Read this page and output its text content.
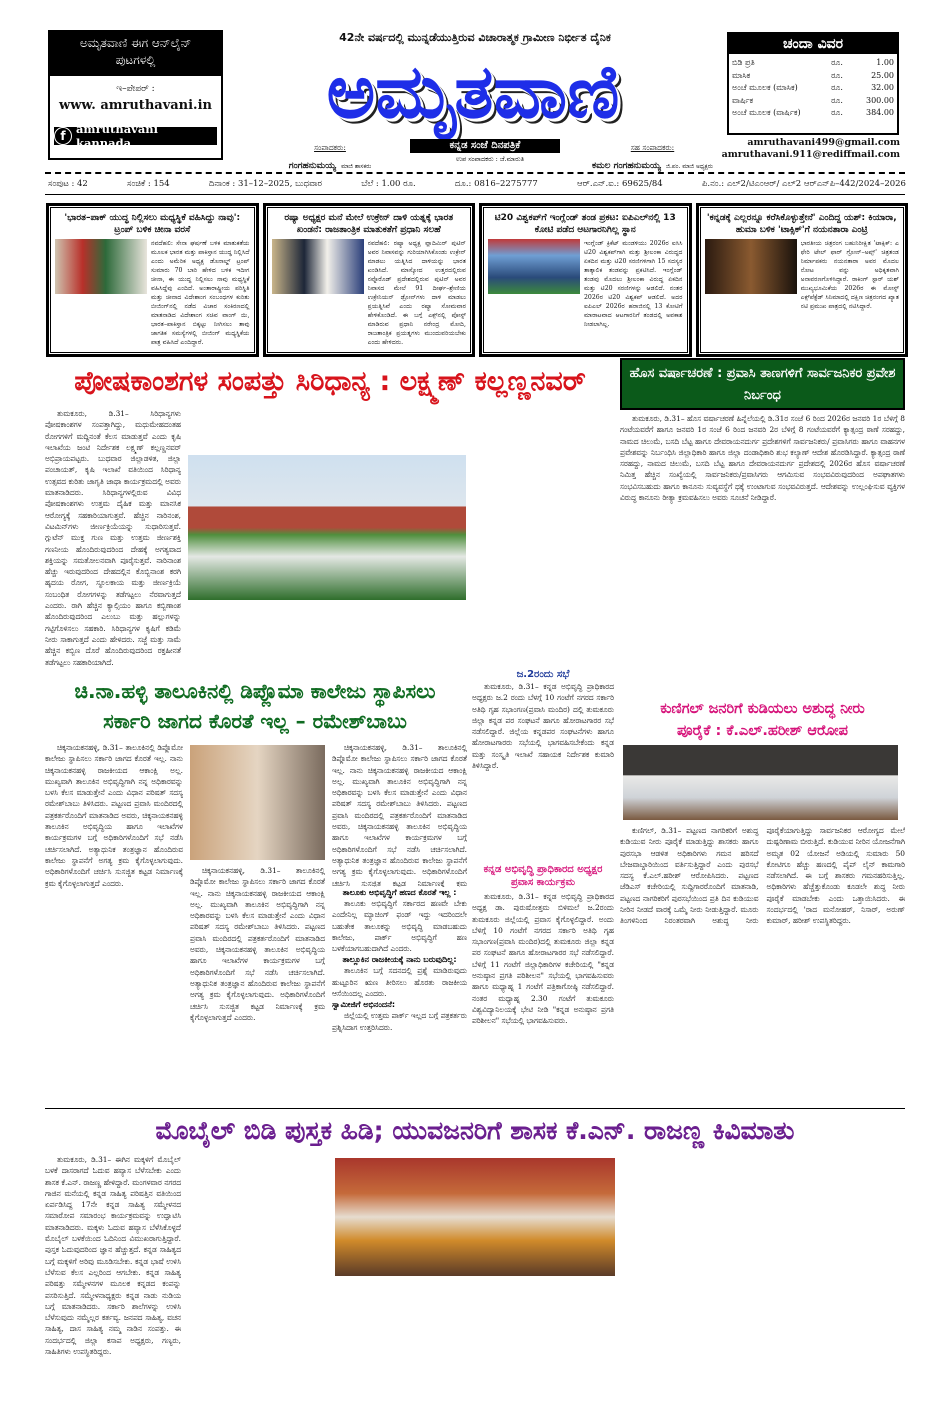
ಅಮೃತವಾಣಿ ಈಗ ಆನ್‌ಲೈನ್ ಪುಟಗಳಲ್ಲಿ
ಇ–ಪೇಪರ್ :
www. amruthavani.in
f amruthavani kannada
42ನೇ ವರ್ಷದಲ್ಲಿ ಮುನ್ನಡೆಯುತ್ತಿರುವ ವಿಚಾರಾತ್ಮಕ ಗ್ರಾಮೀಣ ನಿರ್ಭೀತ ದೈನಿಕ
ಅಮೃತವಾಣಿ
ಕನ್ನಡ ಸಂಜೆ ದಿನಪತ್ರಿಕೆ
ಉಪ ಸಂಪಾದಕರು : ಜೆ.ಮಾರುತಿ
ಸಂಪಾದಕರು:
ಗಂಗಹನುಮಯ್ಯ ಮಾಜಿ ಶಾಸಕರು
ಸಹ ಸಂಪಾದಕರು:
ಕಮಲ ಗಂಗಹನುಮಯ್ಯ ಜಿ.ಪಂ. ಮಾಜಿ ಅಧ್ಯಕ್ಷರು
ಚಂದಾ ವಿವರ
ಬಿಡಿ ಪ್ರತಿ	ರೂ.	1.00
ಮಾಸಿಕ	ರೂ.	25.00
ಅಂಚೆ ಮೂಲಕ (ಮಾಸಿಕ)	ರೂ.	32.00
ವಾರ್ಷಿಕ	ರೂ.	300.00
ಅಂಚೆ ಮೂಲಕ (ವಾರ್ಷಿಕ)	ರೂ.	384.00
amruthavani499@gmail.com
amruthavani.911@rediffmail.com
ಸಂಪುಟ : 42	ಸಂಚಿಕೆ : 154	ದಿನಾಂಕ : 31–12–2025, ಬುಧವಾರ	ಬೆಲೆ : 1.00 ರೂ.	ದೂ.: 0816–2275777	ಆರ್.ಎನ್.ಐ.: 69625/84	ಪಿ.ನಂ.: ಎಲ್2/ಟಿಎಂಆರ್/ ಎಲ್2 ಆರ್‌ಎನ್‌ಪಿ–442/2024–2026
'ಭಾರತ–ಪಾಕ್ ಯುದ್ಧ ನಿಲ್ಲಿಸಲು ಮಧ್ಯಸ್ಥಿಕೆ ವಹಿಸಿದ್ದು ನಾವು': ಟ್ರಂಪ್ ಬಳಿಕ ಚೀನಾ ವರಸೆ
ನವದೆಹಲಿ: ಸೇನಾ ಘರ್ಷಣೆ ಬಳಿಕ ಮಾತುಕತೆಯ ಮೂಲಕ ಭಾರತ ಮತ್ತು ಪಾಕಿಸ್ತಾನ ಯುದ್ಧ ನಿಲ್ಲಿಸಿದೆ ಎಂದು ಅಮೆರಿಕ ಅಧ್ಯಕ್ಷ ಡೊನಾಲ್ಡ್ ಟ್ರಂಪ್ ಸುಮಾರು 70 ಬಾರಿ ಹೇಳಿದ ಬಳಿಕ ಇದೀಗ ಚೀನಾ, ಈ ಯುದ್ಧ ನಿಲ್ಲಿಸಲು ನಾವು ಮಧ್ಯಸ್ಥಿಕೆ ವಹಿಸಿದ್ದೆವು ಎಂದಿದೆ. ಅಂತಾರಾಷ್ಟ್ರೀಯ ಪರಿಸ್ಥಿತಿ ಮತ್ತು ಚೀನಾದ ವಿದೇಶಾಂಗ ಸಂಬಂಧಗಳ ಕುರಿತು ಬೀಜಿಂಗ್‌ನಲ್ಲಿ ನಡೆದ ವಿಚಾರ ಸಂಕಿರಣದಲ್ಲಿ ಮಾತನಾಡಿದ ವಿದೇಶಾಂಗ ಸಚಿವ ವಾಂಗ್ ಯಿ, ಭಾರತ–ಪಾಕಿಸ್ತಾನ ಬಿಕ್ಕಟ್ಟು ನೀಗಿಸಲು ತಾವು ಜಾಗತಿಕ ಸಮಸ್ಯೆಗಳಲ್ಲಿ ಬೀಜಿಂಗ್ ಮಧ್ಯಸ್ಥಿಕೆಯ ಪಾತ್ರ ವಹಿಸಿದೆ ಎಂದಿದ್ದಾರೆ.
ರಷ್ಯಾ ಅಧ್ಯಕ್ಷರ ಮನೆ ಮೇಲೆ ಉಕ್ರೇನ್ ದಾಳಿ ಯತ್ನಕ್ಕೆ ಭಾರತ ಖಂಡನೆ: ರಾಜತಾಂತ್ರಿಕ ಮಾತುಕತೆಗೆ ಪ್ರಧಾನಿ ಸಲಹೆ
ನವದೆಹಲಿ: ರಷ್ಯಾ ಅಧ್ಯಕ್ಷ ವ್ಲಾದಿಮಿರ್ ಪುಟಿನ್ ಅವರ ನಿವಾಸವನ್ನು ಗುರಿಯಾಗಿಸಿಕೊಂಡು ಉಕ್ರೇನ್ ಮಾಡಲು ಯತ್ನಿಸಿದ ದಾಳಿಯನ್ನು ಭಾರತ ಖಂಡಿಸಿದೆ. ಮಾಸ್ಕೋದ ಉತ್ತರದಲ್ಲಿರುವ ನವ್ಗೊರೊಡ್ ಪ್ರದೇಶದಲ್ಲಿರುವ ಪುಟಿನ್ ಅವರ ನಿವಾಸದ ಮೇಲೆ 91 ದೀರ್ಘ–ಶ್ರೇಣಿಯ ಉಕ್ರೇನಿಯನ್ ಡ್ರೋನ್‌ಗಳು ದಾಳಿ ಮಾಡಲು ಪ್ರಯತ್ನಿಸಿವೆ ಎಂದು ರಷ್ಯಾ ಸೋಮವಾರ ಹೇಳಿಕೊಂಡಿದೆ. ಈ ಬಗ್ಗೆ ಎಕ್ಸ್‌ನಲ್ಲಿ ಪೋಸ್ಟ್ ಮಾಡಿರುವ ಪ್ರಧಾನಿ ನರೇಂದ್ರ ಮೋದಿ, ರಾಜತಾಂತ್ರಿಕ ಪ್ರಯತ್ನಗಳು ಮುಂದುವರಿಯಬೇಕು ಎಂದು ಹೇಳಿದರು.
ಟಿ20 ವಿಶ್ವಕಪ್‌ಗೆ ಇಂಗ್ಲೆಂಡ್ ತಂಡ ಪ್ರಕಟ: ಐಪಿಎಲ್‌ನಲ್ಲಿ 13 ಕೋಟಿ ಪಡೆದ ಆಟಗಾರನಿಗಿಲ್ಲ ಸ್ಥಾನ
ಇಂಗ್ಲೆಂಡ್ ಕ್ರಿಕೆಟ್ ಮಂಡಳಿಯು 2026ರ ಐಸಿಸಿ ಟಿ20 ವಿಶ್ವಕಪ್‌ಗಾಗಿ ಮತ್ತು ಶ್ರೀಲಂಕಾ ವಿರುದ್ಧದ ಏಕದಿನ ಮತ್ತು ಟಿ20 ಸರಣಿಗಳಿಗಾಗಿ 15 ಸದಸ್ಯರ ತಾತ್ಕಾಲಿಕ ತಂಡವನ್ನು ಪ್ರಕಟಿಸಿದೆ. ಇಂಗ್ಲೆಂಡ್ ತಂಡವು ಮೊದಲು ಶ್ರೀಲಂಕಾ ವಿರುದ್ಧ ಏಕದಿನ ಮತ್ತು ಟಿ20 ಸರಣಿಗಳನ್ನು ಆಡಲಿದೆ. ನಂತರ 2026ರ ಟಿ20 ವಿಶ್ವಕಪ್ ಆಡಲಿದೆ. ಅದರ ಐಪಿಎಲ್ 2026ರ ಹರಾಜಿನಲ್ಲಿ 13 ಕೋಟಿಗೆ ಮಾರಾಟವಾದ ಆಟಗಾರನಿಗೆ ತಂಡದಲ್ಲಿ ಅವಕಾಶ ನೀಡಲಾಗಿಲ್ಲ.
'ಕನ್ನಡಕ್ಕೆ ಎಲ್ಲರನ್ನೂ ಕರೆಸಿಕೊಳ್ಳುತ್ತೇನೆ' ಎಂದಿದ್ದ ಯಶ್: ಕಿಯಾರಾ, ಹುಮಾ ಬಳಿಕ 'ಟಾಕ್ಸಿಕ್'ಗೆ ನಯನತಾರಾ ಎಂಟ್ರಿ
ಭಾರತೀಯ ಚಿತ್ರರಂಗ ಬಹುನಿರೀಕ್ಷಿತ 'ಟಾಕ್ಸಿಕ್: ಎ ಫೇರಿ ಟೇಲ್ ಫಾರ್ ಗ್ರೋನ್–ಅಪ್ಸ್' ಚಿತ್ರತಂಡ ನಿರ್ಮಾಪಕರು ನಯನತಾರಾ ಅವರ ಮೊದಲ ನೋಟ ವನ್ನು ಅಧಿಕೃತವಾಗಿ ಅನಾವರಣಗೊಳಿಸಿದ್ದಾರೆ. ರಾಕಿಂಗ್ ಸ್ಟಾರ್ ಯಶ್ ಮುಖ್ಯಭೂಮಿಕೆಯ 2026ರ ಈ ಮೋಸ್ಟ್ ಎಕ್ಸ್‌ಪೆಕ್ಟೆಡ್ ಸಿನಿಮಾದಲ್ಲಿ ದಕ್ಷಿಣ ಚಿತ್ರರಂಗದ ಖ್ಯಾತ ನಟಿ ಪ್ರಮುಖ ಪಾತ್ರದಲ್ಲಿ ನಟಿಸಿದ್ದಾರೆ.
ಪೋಷಕಾಂಶಗಳ ಸಂಪತ್ತು ಸಿರಿಧಾನ್ಯ : ಲಕ್ಷ್ಮಣ್ ಕಲ್ಲಣ್ಣನವರ್
ತುಮಕೂರು, ಡಿ.31– ಸಿರಿಧಾನ್ಯಗಳು ಪೋಷಕಾಂಶಗಳ ಸಂಪತ್ತಾಗಿದ್ದು, ಮಧುಮೇಹದಂತಹ ರೋಗಗಳಿಗೆ ಮದ್ದಿನಂತೆ ಕೆಲಸ ಮಾಡುತ್ತವೆ ಎಂದು ಕೃಷಿ ಇಲಾಖೆಯ ಜಂಟಿ ನಿರ್ದೇಶಕ ಲಕ್ಷ್ಮಣ್ ಕಲ್ಲಣ್ಣನವರ್ ಅಭಿಪ್ರಾಯಪಟ್ಟರು. ಬುಧವಾರ ಜಿಲ್ಲಾಡಳಿತ, ಜಿಲ್ಲಾ ಪಂಚಾಯತ್, ಕೃಷಿ ಇಲಾಖೆ ವತಿಯಿಂದ ಸಿರಿಧಾನ್ಯ ಉತ್ಸವದ ಕುರಿತು ಜಾಗೃತಿ ಜಾಥಾ ಕಾರ್ಯಕ್ರಮದಲ್ಲಿ ಅವರು ಮಾತನಾಡಿದರು. ಸಿರಿಧಾನ್ಯಗಳಲ್ಲಿರುವ ವಿವಿಧ ಪೋಷಕಾಂಶಗಳು ಉತ್ತಮ ದೈಹಿಕ ಮತ್ತು ಮಾನಸಿಕ ಆರೋಗ್ಯಕ್ಕೆ ಸಹಕಾರಿಯಾಗುತ್ತವೆ. ಹೆಚ್ಚಿನ ನಾರಿನಂಶ, ವಿಟಮಿನ್‌ಗಳು ಜೀರ್ಣಕ್ರಿಯೆಯನ್ನು ಸುಧಾರಿಸುತ್ತವೆ. ಗ್ಲುಟೆನ್ ಮುಕ್ತ ಗುಣ ಮತ್ತು ಉತ್ತಮ ಜೀರ್ಣಶಕ್ತಿ ಗಣನೀಯ ಹೊಂದಿರುವುದರಿಂದ ದೇಹಕ್ಕೆ ಅಗತ್ಯವಾದ ಶಕ್ತಿಯನ್ನು ಸಮತೋಲನವಾಗಿ ಪೂರೈಸುತ್ತವೆ. ನಾರಿನಾಂಶ ಹೆಚ್ಚು ಇರುವುದರಿಂದ ದೇಹದಲ್ಲಿನ ಕೊಬ್ಬಿನಾಂಶ ಕರಗಿ ಹೃದಯ ರೋಗ, ಸ್ಥೂಲಕಾಯ ಮತ್ತು ಜೀರ್ಣಕ್ರಿಯೆ ಸಂಬಂಧಿತ ರೋಗಗಳನ್ನು ತಡೆಗಟ್ಟಲು ನೆರವಾಗುತ್ತದೆ ಎಂದರು. ರಾಗಿ ಹೆಚ್ಚಿನ ಕ್ಯಾಲ್ಸಿಯಂ ಹಾಗೂ ಕಬ್ಬಿಣಾಂಶ ಹೊಂದಿರುವುದರಿಂದ ಎಲುಬು ಮತ್ತು ಹಲ್ಲುಗಳನ್ನು ಗಟ್ಟಿಗೊಳಿಸಲು ಸಹಕಾರಿ. ಸಿರಿಧಾನ್ಯಗಳ ಕೃಷಿಗೆ ಕಡಿಮೆ ನೀರು ಸಾಕಾಗುತ್ತದೆ ಎಂದು ಹೇಳಿದರು. ಸಜ್ಜೆ ಮತ್ತು ಸಾಮೆ ಹೆಚ್ಚಿನ ಕಬ್ಬಿಣ ದೊರೆ ಹೊಂದಿರುವುದರಿಂದ ರಕ್ತಹೀನತೆ ತಡೆಗಟ್ಟಲು ಸಹಕಾರಿಯಾಗಿದೆ.
ಹೊಸ ವರ್ಷಾಚರಣೆ : ಪ್ರವಾಸಿ ತಾಣಗಳಿಗೆ ಸಾರ್ವಜನಿಕರ ಪ್ರವೇಶ ನಿರ್ಬಂಧ
ತುಮಕೂರು, ಡಿ.31– ಹೊಸ ವರ್ಷಾಚರಣೆ ಹಿನ್ನೆಲೆಯಲ್ಲಿ ಡಿ.31ರ ಸಂಜೆ 6 ರಿಂದ 2026ರ ಜನವರಿ 1ರ ಬೆಳಿಗ್ಗೆ 8 ಗಂಟೆಯವರೆಗೆ ಹಾಗೂ ಜನವರಿ 1ರ ಸಂಜೆ 6 ರಿಂದ ಜನವರಿ 2ರ ಬೆಳಿಗ್ಗೆ 8 ಗಂಟೆಯವರೆಗೆ ಕ್ಯಾತ್ಸಂದ್ರ ಠಾಣೆ ಸರಹದ್ದು, ನಾಮದ ಚಿಲುಮೆ, ಬಸದಿ ಬೆಟ್ಟ ಹಾಗೂ ದೇವರಾಯನದುರ್ಗ ಪ್ರದೇಶಗಳಿಗೆ ಸಾರ್ವಜನಿಕರು/ ಪ್ರವಾಸಿಗರು ಹಾಗೂ ವಾಹನಗಳ ಪ್ರವೇಶವನ್ನು ನಿರ್ಬಂಧಿಸಿ ಜಿಲ್ಲಾಧಿಕಾರಿ ಹಾಗೂ ಜಿಲ್ಲಾ ದಂಡಾಧಿಕಾರಿ ಶುಭ ಕಲ್ಯಾಣ್ ಆದೇಶ ಹೊರಡಿಸಿದ್ದಾರೆ. ಕ್ಯಾತ್ಸಂದ್ರ ಠಾಣೆ ಸರಹದ್ದು, ನಾಮದ ಚಿಲುಮೆ, ಬಸದಿ ಬೆಟ್ಟ ಹಾಗೂ ದೇವರಾಯನದುರ್ಗ ಪ್ರದೇಶದಲ್ಲಿ 2026ರ ಹೊಸ ವರ್ಷಾಚರಣೆ ನಿಮಿತ್ತ ಹೆಚ್ಚಿನ ಸಂಖ್ಯೆಯಲ್ಲಿ ಸಾರ್ವಜನಿಕರು/ಪ್ರವಾಸಿಗರು ಆಗಮಿಸುವ ಸಂಭವವಿರುವುದರಿಂದ ಅಪಘಾತಗಳು ಸಂಭವಿಸಬಹುದು ಹಾಗೂ ಕಾನೂನು ಸುವ್ಯವಸ್ಥೆಗೆ ಧಕ್ಕೆ ಉಂಟಾಗುವ ಸಂಭವವಿರುತ್ತದೆ. ಆದೇಶವನ್ನು ಉಲ್ಲಂಘಿಸುವ ವ್ಯಕ್ತಿಗಳ ವಿರುದ್ಧ ಕಾನೂನು ರೀತ್ಯಾ ಕ್ರಮವಹಿಸಲು ಅವರು ಸೂಚನೆ ನೀಡಿದ್ದಾರೆ.
ಚಿ.ನಾ.ಹಳ್ಳಿ ತಾಲೂಕಿನಲ್ಲಿ ಡಿಪ್ಲೊಮಾ ಕಾಲೇಜು ಸ್ಥಾಪಿಸಲು
ಸರ್ಕಾರಿ ಜಾಗದ ಕೊರತೆ ಇಲ್ಲ – ರಮೇಶ್‌ಬಾಬು
ಚಿಕ್ಕನಾಯಕನಹಳ್ಳಿ, ಡಿ.31– ತಾಲೂಕಿನಲ್ಲಿ ಡಿಪ್ಲೊಮೋ ಕಾಲೇಜು ಸ್ಥಾಪಿಸಲು ಸರ್ಕಾರಿ ಜಾಗದ ಕೊರತೆ ಇಲ್ಲ. ನಾನು ಚಿಕ್ಕನಾಯಕನಹಳ್ಳಿ ರಾಜಕೀಯದ ಆಕಾಂಕ್ಷಿ ಅಲ್ಲ. ಮುಖ್ಯವಾಗಿ ತಾಲೂಕಿನ ಅಭಿವೃದ್ಧಿಗಾಗಿ ನನ್ನ ಅಧಿಕಾರವನ್ನು ಬಳಸಿ ಕೆಲಸ ಮಾಡುತ್ತೇನೆ ಎಂದು ವಿಧಾನ ಪರಿಷತ್ ಸದಸ್ಯ ರಮೇಶ್‌ಬಾಬು ತಿಳಿಸಿದರು. ಪಟ್ಟಣದ ಪ್ರವಾಸಿ ಮಂದಿರದಲ್ಲಿ ಪತ್ರಕರ್ತರೊಂದಿಗೆ ಮಾತನಾಡಿದ ಅವರು, ಚಿಕ್ಕನಾಯಕನಹಳ್ಳಿ ತಾಲೂಕಿನ ಅಭಿವೃದ್ಧಿಯ ಹಾಗೂ ಇಲಾಖೆಗಳ ಕಾರ್ಯಕ್ರಮಗಳ ಬಗ್ಗೆ ಅಧಿಕಾರಿಗಳೊಂದಿಗೆ ಸಭೆ ನಡೆಸಿ ಚರ್ಚಿಸಲಾಗಿದೆ. ಅತ್ಯಾಧುನಿಕ ತಂತ್ರಜ್ಞಾನ ಹೊಂದಿರುವ ಕಾಲೇಜು ಸ್ಥಾಪನೆಗೆ ಅಗತ್ಯ ಕ್ರಮ ಕೈಗೊಳ್ಳಲಾಗುವುದು. ಅಧಿಕಾರಿಗಳೊಂದಿಗೆ ಚರ್ಚಿಸಿ ಸುಸಜ್ಜಿತ ಕಟ್ಟಡ ನಿರ್ಮಾಣಕ್ಕೆ ಕ್ರಮ ಕೈಗೊಳ್ಳಲಾಗುತ್ತದೆ ಎಂದರು.
ಚಿಕ್ಕನಾಯಕನಹಳ್ಳಿ, ಡಿ.31– ತಾಲೂಕಿನಲ್ಲಿ ಡಿಪ್ಲೊಮೋ ಕಾಲೇಜು ಸ್ಥಾಪಿಸಲು ಸರ್ಕಾರಿ ಜಾಗದ ಕೊರತೆ ಇಲ್ಲ. ನಾನು ಚಿಕ್ಕನಾಯಕನಹಳ್ಳಿ ರಾಜಕೀಯದ ಆಕಾಂಕ್ಷಿ ಅಲ್ಲ. ಮುಖ್ಯವಾಗಿ ತಾಲೂಕಿನ ಅಭಿವೃದ್ಧಿಗಾಗಿ ನನ್ನ ಅಧಿಕಾರವನ್ನು ಬಳಸಿ ಕೆಲಸ ಮಾಡುತ್ತೇನೆ ಎಂದು ವಿಧಾನ ಪರಿಷತ್ ಸದಸ್ಯ ರಮೇಶ್‌ಬಾಬು ತಿಳಿಸಿದರು. ಪಟ್ಟಣದ ಪ್ರವಾಸಿ ಮಂದಿರದಲ್ಲಿ ಪತ್ರಕರ್ತರೊಂದಿಗೆ ಮಾತನಾಡಿದ ಅವರು, ಚಿಕ್ಕನಾಯಕನಹಳ್ಳಿ ತಾಲೂಕಿನ ಅಭಿವೃದ್ಧಿಯ ಹಾಗೂ ಇಲಾಖೆಗಳ ಕಾರ್ಯಕ್ರಮಗಳ ಬಗ್ಗೆ ಅಧಿಕಾರಿಗಳೊಂದಿಗೆ ಸಭೆ ನಡೆಸಿ ಚರ್ಚಿಸಲಾಗಿದೆ. ಅತ್ಯಾಧುನಿಕ ತಂತ್ರಜ್ಞಾನ ಹೊಂದಿರುವ ಕಾಲೇಜು ಸ್ಥಾಪನೆಗೆ ಅಗತ್ಯ ಕ್ರಮ ಕೈಗೊಳ್ಳಲಾಗುವುದು. ಅಧಿಕಾರಿಗಳೊಂದಿಗೆ ಚರ್ಚಿಸಿ ಸುಸಜ್ಜಿತ ಕಟ್ಟಡ ನಿರ್ಮಾಣಕ್ಕೆ ಕ್ರಮ ಕೈಗೊಳ್ಳಲಾಗುತ್ತದೆ ಎಂದರು.
ಚಿಕ್ಕನಾಯಕನಹಳ್ಳಿ, ಡಿ.31– ತಾಲೂಕಿನಲ್ಲಿ ಡಿಪ್ಲೊಮೋ ಕಾಲೇಜು ಸ್ಥಾಪಿಸಲು ಸರ್ಕಾರಿ ಜಾಗದ ಕೊರತೆ ಇಲ್ಲ. ನಾನು ಚಿಕ್ಕನಾಯಕನಹಳ್ಳಿ ರಾಜಕೀಯದ ಆಕಾಂಕ್ಷಿ ಅಲ್ಲ. ಮುಖ್ಯವಾಗಿ ತಾಲೂಕಿನ ಅಭಿವೃದ್ಧಿಗಾಗಿ ನನ್ನ ಅಧಿಕಾರವನ್ನು ಬಳಸಿ ಕೆಲಸ ಮಾಡುತ್ತೇನೆ ಎಂದು ವಿಧಾನ ಪರಿಷತ್ ಸದಸ್ಯ ರಮೇಶ್‌ಬಾಬು ತಿಳಿಸಿದರು. ಪಟ್ಟಣದ ಪ್ರವಾಸಿ ಮಂದಿರದಲ್ಲಿ ಪತ್ರಕರ್ತರೊಂದಿಗೆ ಮಾತನಾಡಿದ ಅವರು, ಚಿಕ್ಕನಾಯಕನಹಳ್ಳಿ ತಾಲೂಕಿನ ಅಭಿವೃದ್ಧಿಯ ಹಾಗೂ ಇಲಾಖೆಗಳ ಕಾರ್ಯಕ್ರಮಗಳ ಬಗ್ಗೆ ಅಧಿಕಾರಿಗಳೊಂದಿಗೆ ಸಭೆ ನಡೆಸಿ ಚರ್ಚಿಸಲಾಗಿದೆ. ಅತ್ಯಾಧುನಿಕ ತಂತ್ರಜ್ಞಾನ ಹೊಂದಿರುವ ಕಾಲೇಜು ಸ್ಥಾಪನೆಗೆ ಅಗತ್ಯ ಕ್ರಮ ಕೈಗೊಳ್ಳಲಾಗುವುದು. ಅಧಿಕಾರಿಗಳೊಂದಿಗೆ ಚರ್ಚಿಸಿ ಸುಸಜ್ಜಿತ ಕಟ್ಟಡ ನಿರ್ಮಾಣಕ್ಕೆ ಕ್ರಮ
ತಾಲೂಕು ಅಭಿವೃದ್ಧಿಗೆ ಹಣದ ಕೊರತೆ ಇಲ್ಲ :
ತಾಲೂಕು ಅಭಿವೃದ್ಧಿಗೆ ಸರ್ಕಾರದ ಹಣವೇ ಬೇಕು ಎಂದೇನಿಲ್ಲ ಮ್ಯಾಚಿಂಗ್ ಫಂಡ್ ಇದ್ದು ಇದರಿಂದಲೇ ಬಹುತೇಕ ತಾಲೂಕನ್ನು ಅಭಿವೃದ್ಧಿ ಮಾಡಬಹುದು ಕಾಲೇಜು, ಪಾರ್ಕ್ ಅಭಿವೃದ್ಧಿಗೆ ಹಣ ಬಳಕೆಯಾಗಬಹುದಾಗಿದೆ ಎಂದರು.
ತಾಲ್ಲೂಕಿನ ರಾಜಕೀಯಕ್ಕೆ ನಾನು ಬರುವುದಿಲ್ಲ:
ತಾಲೂಕಿನ ಬಗ್ಗೆ ಸದನದಲ್ಲಿ ಪ್ರಶ್ನೆ ಮಾಡಿರುವುದು ಹುಟ್ಟೂರಿನ ಋಣ ತೀರಿಸಲು ಹೊರತು ರಾಜಕೀಯ ಆಸೆಯಿಂದಲ್ಲ ಎಂದರು.
ಸ್ವಾಮೀಜಿಗೆ ಅಭಿನಂದನೆ:
ಜಿಲ್ಲೆಯಲ್ಲಿ ಉತ್ತಮ ಪಾರ್ಕ್ ಇಲ್ಲದ ಬಗ್ಗೆ ಪತ್ರಕರ್ತರು ಪ್ರಶ್ನಿಸಿದಾಗ ಉತ್ತರಿಸಿದರು.
ಜ.2ರಂದು ಸಭೆ
ತುಮಕೂರು, ಡಿ.31– ಕನ್ನಡ ಅಭಿವೃದ್ಧಿ ಪ್ರಾಧಿಕಾರದ ಅಧ್ಯಕ್ಷರು ಜ.2 ರಂದು ಬೆಳಗ್ಗೆ 10 ಗಂಟೆಗೆ ನಗರದ ಸರ್ಕಾರಿ ಅತಿಥಿ ಗೃಹ ಸಭಾಂಗಣ(ಪ್ರವಾಸಿ ಮಂದಿರ) ದಲ್ಲಿ ತುಮಕೂರು ಜಿಲ್ಲಾ ಕನ್ನಡ ಪರ ಸಂಘಟನೆ ಹಾಗೂ ಹೋರಾಟಗಾರರ ಸಭೆ ನಡೆಸಲಿದ್ದಾರೆ. ಜಿಲ್ಲೆಯ ಕನ್ನಡಪರ ಸಂಘಟನೆಗಳು ಹಾಗೂ ಹೋರಾಟಗಾರರು ಸಭೆಯಲ್ಲಿ ಭಾಗವಹಿಸಬೇಕೆಂದು ಕನ್ನಡ ಮತ್ತು ಸಂಸ್ಕೃತಿ ಇಲಾಖೆ ಸಹಾಯಕ ನಿರ್ದೇಶಕ ಕುಮಾರಿ ತಿಳಿಸಿದ್ದಾರೆ.
ಕನ್ನಡ ಅಭಿವೃದ್ಧಿ ಪ್ರಾಧಿಕಾರದ ಅಧ್ಯಕ್ಷರ ಪ್ರವಾಸ ಕಾರ್ಯಕ್ರಮ
ತುಮಕೂರು, ಡಿ.31– ಕನ್ನಡ ಅಭಿವೃದ್ಧಿ ಪ್ರಾಧಿಕಾರದ ಅಧ್ಯಕ್ಷ ಡಾ. ಪುರುಷೋತ್ತಮ ಬಿಳಿಮಲೆ ಜ.2ರಂದು ತುಮಕೂರು ಜಿಲ್ಲೆಯಲ್ಲಿ ಪ್ರವಾಸ ಕೈಗೊಳ್ಳಲಿದ್ದಾರೆ. ಅಂದು ಬೆಳಿಗ್ಗೆ 10 ಗಂಟೆಗೆ ನಗರದ ಸರ್ಕಾರಿ ಅತಿಥಿ ಗೃಹ ಸಭಾಂಗಣ(ಪ್ರವಾಸಿ ಮಂದಿರ)ದಲ್ಲಿ ತುಮಕೂರು ಜಿಲ್ಲಾ ಕನ್ನಡ ಪರ ಸಂಘಟನೆ ಹಾಗೂ ಹೋರಾಟಗಾರರ ಸಭೆ ನಡೆಸಲಿದ್ದಾರೆ. ಬೆಳಿಗ್ಗೆ 11 ಗಂಟೆಗೆ ಜಿಲ್ಲಾಧಿಕಾರಿಗಳ ಕಚೇರಿಯಲ್ಲಿ "ಕನ್ನಡ ಅನುಷ್ಠಾನ ಪ್ರಗತಿ ಪರಿಶೀಲನ" ಸಭೆಯಲ್ಲಿ ಭಾಗವಹಿಸುವರು ಹಾಗೂ ಮಧ್ಯಾಹ್ನ 1 ಗಂಟೆಗೆ ಪತ್ರಿಕಾಗೋಷ್ಠಿ ನಡೆಸಲಿದ್ದಾರೆ. ನಂತರ ಮಧ್ಯಾಹ್ನ 2.30 ಗಂಟೆಗೆ ತುಮಕೂರು ವಿಶ್ವವಿದ್ಯಾನಿಲಯಕ್ಕೆ ಭೇಟಿ ನೀಡಿ "ಕನ್ನಡ ಅನುಷ್ಠಾನ ಪ್ರಗತಿ ಪರಿಶೀಲನ" ಸಭೆಯಲ್ಲಿ ಭಾಗವಹಿಸುವರು.
ಕುಣಿಗಲ್ ಜನರಿಗೆ ಕುಡಿಯಲು ಅಶುದ್ಧ ನೀರು
ಪೂರೈಕೆ : ಕೆ.ಎಲ್.ಹರೀಶ್ ಆರೋಪ
ಕುಣಿಗಲ್, ಡಿ.31– ಪಟ್ಟಣದ ನಾಗರಿಕರಿಗೆ ಅಶುದ್ಧ ಕುಡಿಯುವ ನೀರು ಪೂರೈಕೆ ಮಾಡುತ್ತಿದ್ದು ಶಾಸಕರು ಹಾಗೂ ಪುರಸಭಾ ಆಡಳಿತ ಅಧಿಕಾರಿಗಳು ಗಮನ ಹರಿಸದೆ ಬೇಜವಾಬ್ದಾರಿಯಿಂದ ವರ್ತಿಸುತ್ತಿದ್ದಾರೆ ಎಂದು ಪುರಸಭೆ ಸದಸ್ಯ ಕೆ.ಎಲ್.ಹರೀಶ್ ಆರೋಪಿಸಿದರು. ಪಟ್ಟಣದ ಜೆಡಿಎಸ್ ಕಚೇರಿಯಲ್ಲಿ ಸುದ್ದಿಗಾರರೊಂದಿಗೆ ಮಾತನಾಡಿ, ಪಟ್ಟಣದ ನಾಗರಿಕರಿಗೆ ಪುರಸಭೆಯಿಂದ ಪ್ರತಿ ದಿನ ಕುಡಿಯುವ ನೀರಿನ ನೀಡದೆ ವಾರಕ್ಕೆ ಒಮ್ಮೆ ನೀರು ನೀಡುತ್ತಿದ್ದಾರೆ. ಮೂರು ತಿಂಗಳಿನಿಂದ ನಿರಂತರವಾಗಿ ಅಶುದ್ಧ ನೀರು ಪೂರೈಕೆಯಾಗುತ್ತಿದ್ದು ಸಾರ್ವಜನಿಕರ ಆರೋಗ್ಯದ ಮೇಲೆ ದುಷ್ಪರಿಣಾಮ ಬೀರುತ್ತಿದೆ. ಕುಡಿಯುವ ನೀರಿನ ಯೋಜನೆಗಾಗಿ ಅಮೃತ 02 ಯೋಜನೆ ಅಡಿಯಲ್ಲಿ ಸುಮಾರು 50 ಕೋಟಿಗೂ ಹೆಚ್ಚು ಹಣದಲ್ಲಿ ಪೈಪ್ ಲೈನ್ ಕಾಮಗಾರಿ ನಡೆಸಲಾಗಿದೆ. ಈ ಬಗ್ಗೆ ಶಾಸಕರು ಗಮನಹರಿಸುತ್ತಿಲ್ಲ. ಅಧಿಕಾರಿಗಳು ಹೆಚ್ಚೆತ್ತುಕೊಂಡು ಕೂಡಲೇ ಶುದ್ಧ ನೀರು ಪೂರೈಕೆ ಮಾಡಬೇಕು ಎಂದು ಒತ್ತಾಯಿಸಿದರು. ಈ ಸಂದರ್ಭದಲ್ಲಿ 'ರಾದ ಮನೋಹರ್, ನಿಸಾರ್, ಅರುಣ್ ಕುಮಾರ್, ಹರೀಶ್ ಉಪಸ್ಥಿತರಿದ್ದರು.
ಮೊಬೈಲ್ ಬಿಡಿ ಪುಸ್ತಕ ಹಿಡಿ; ಯುವಜನರಿಗೆ ಶಾಸಕ ಕೆ.ಎನ್. ರಾಜಣ್ಣ ಕಿವಿಮಾತು
ತುಮಕೂರು, ಡಿ.31– ಈಗಿನ ಮಕ್ಕಳಿಗೆ ಮೊಬೈಲ್ ಬಳಕೆ ದಾಸರಾಗದೆ ಓದುವ ಹವ್ಯಾಸ ಬೆಳೆಸಬೇಕು ಎಂದು ಶಾಸಕ ಕೆ.ಎನ್. ರಾಜಣ್ಣ ಹೇಳಿದ್ದಾರೆ. ಮಂಗಳವಾರ ನಗರದ ಗಾಜಿನ ಮನೆಯಲ್ಲಿ ಕನ್ನಡ ಸಾಹಿತ್ಯ ಪರಿಷತ್ತಿನ ವತಿಯಿಂದ ಏರ್ಪಡಿಸಿದ್ದ 17ನೇ ಕನ್ನಡ ಸಾಹಿತ್ಯ ಸಮ್ಮೇಳನದ ಸಮಾರೋಪ ಸಮಾರಂಭ ಕಾರ್ಯಕ್ರಮವನ್ನು ಉದ್ಘಾಟಿಸಿ ಮಾತನಾಡಿದರು. ಮಕ್ಕಳು ಓದುವ ಹವ್ಯಾಸ ಬೆಳೆಸಿಕೊಳ್ಳದೆ ಮೊಬೈಲ್ ಬಳಕೆಯಿಂದ ಓದಿನಿಂದ ವಿಮುಖರಾಗುತ್ತಿದ್ದಾರೆ. ಪುಸ್ತಕ ಓದುವುದರಿಂದ ಜ್ಞಾನ ಹೆಚ್ಚುತ್ತದೆ. ಕನ್ನಡ ಸಾಹಿತ್ಯದ ಬಗ್ಗೆ ಮಕ್ಕಳಿಗೆ ಅರಿವು ಮೂಡಿಸಬೇಕು. ಕನ್ನಡ ಭಾಷೆ ಉಳಿಸಿ ಬೆಳೆಸುವ ಕೆಲಸ ಎಲ್ಲರಿಂದ ಆಗಬೇಕು. ಕನ್ನಡ ಸಾಹಿತ್ಯ ಪರಿಷತ್ತು ಸಮ್ಮೇಳನಗಳ ಮೂಲಕ ಕನ್ನಡದ ಕಂಪನ್ನು ಪಸರಿಸುತ್ತಿದೆ. ಸಮ್ಮೇಳನಾಧ್ಯಕ್ಷರು ಕನ್ನಡ ನಾಡು ನುಡಿಯ ಬಗ್ಗೆ ಮಾತನಾಡಿದರು. ಸರ್ಕಾರಿ ಶಾಲೆಗಳನ್ನು ಉಳಿಸಿ ಬೆಳೆಸುವುದು ನಮ್ಮೆಲ್ಲರ ಕರ್ತವ್ಯ. ಜನಪದ ಸಾಹಿತ್ಯ, ವಚನ ಸಾಹಿತ್ಯ, ದಾಸ ಸಾಹಿತ್ಯ ನಮ್ಮ ನಾಡಿನ ಸಂಪತ್ತು. ಈ ಸಂದರ್ಭದಲ್ಲಿ ಜಿಲ್ಲಾ ಕಸಾಪ ಅಧ್ಯಕ್ಷರು, ಗಣ್ಯರು, ಸಾಹಿತಿಗಳು ಉಪಸ್ಥಿತರಿದ್ದರು.
